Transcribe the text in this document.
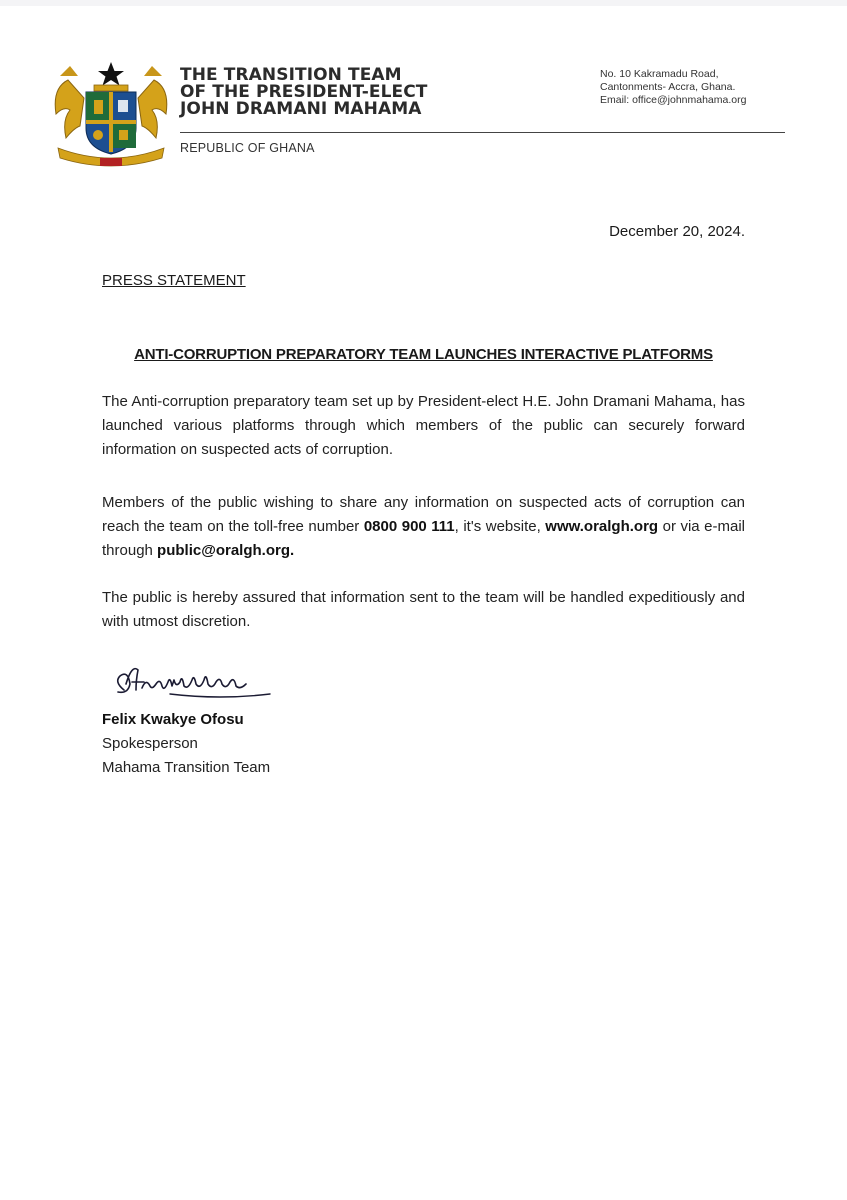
THE TRANSITION TEAM
OF THE PRESIDENT-ELECT
JOHN DRAMANI MAHAMA
REPUBLIC OF GHANA
No. 10 Kakramadu Road,
Cantonments- Accra, Ghana.
Email: office@johnmahama.org
December 20, 2024.
PRESS STATEMENT
ANTI-CORRUPTION PREPARATORY TEAM LAUNCHES INTERACTIVE PLATFORMS
The Anti-corruption preparatory team set up by President-elect H.E. John Dramani Mahama, has launched various platforms through which members of the public can securely forward information on suspected acts of corruption.
Members of the public wishing to share any information on suspected acts of corruption can reach the team on the toll-free number 0800 900 111, it's website, www.oralgh.org or via e-mail through public@oralgh.org.
The public is hereby assured that information sent to the team will be handled expeditiously and with utmost discretion.
Felix Kwakye Ofosu
Spokesperson
Mahama Transition Team
